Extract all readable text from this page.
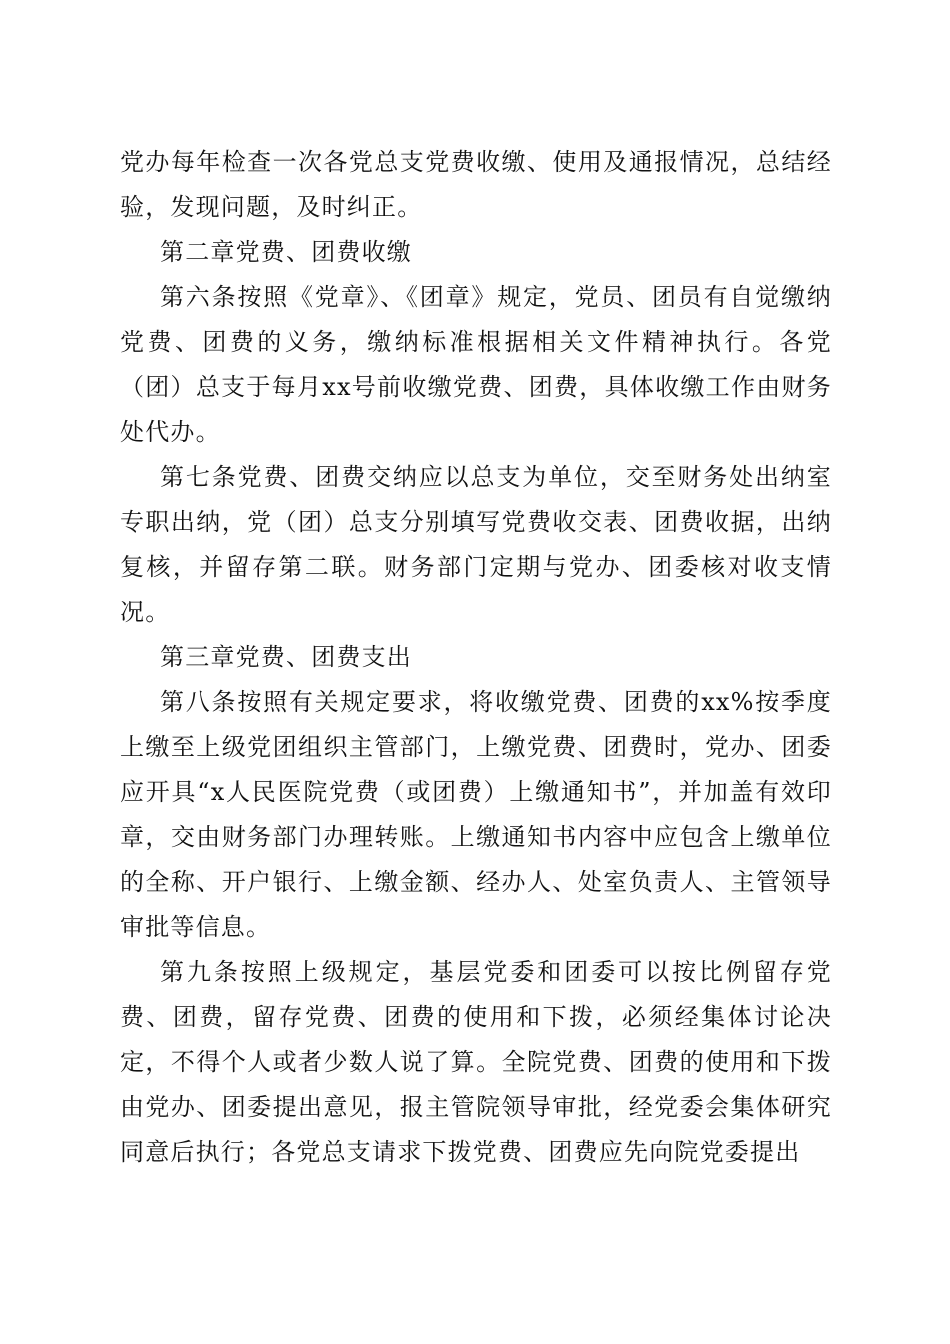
党办每年检查一次各党总支党费收缴、使用及通报情况，总结经验，发现问题，及时纠正。

第二章党费、团费收缴

第六条按照《党章》、《团章》规定，党员、团员有自觉缴纳党费、团费的义务，缴纳标准根据相关文件精神执行。各党（团）总支于每月xx号前收缴党费、团费，具体收缴工作由财务处代办。

第七条党费、团费交纳应以总支为单位，交至财务处出纳室专职出纳，党（团）总支分别填写党费收交表、团费收据，出纳复核，并留存第二联。财务部门定期与党办、团委核对收支情况。

第三章党费、团费支出

第八条按照有关规定要求，将收缴党费、团费的xx%按季度上缴至上级党团组织主管部门，上缴党费、团费时，党办、团委应开具“x人民医院党费（或团费）上缴通知书”，并加盖有效印章，交由财务部门办理转账。上缴通知书内容中应包含上缴单位的全称、开户银行、上缴金额、经办人、处室负责人、主管领导审批等信息。

第九条按照上级规定，基层党委和团委可以按比例留存党费、团费，留存党费、团费的使用和下拨，必须经集体讨论决定，不得个人或者少数人说了算。全院党费、团费的使用和下拨由党办、团委提出意见，报主管院领导审批，经党委会集体研究同意后执行；各党总支请求下拨党费、团费应先向院党委提出
